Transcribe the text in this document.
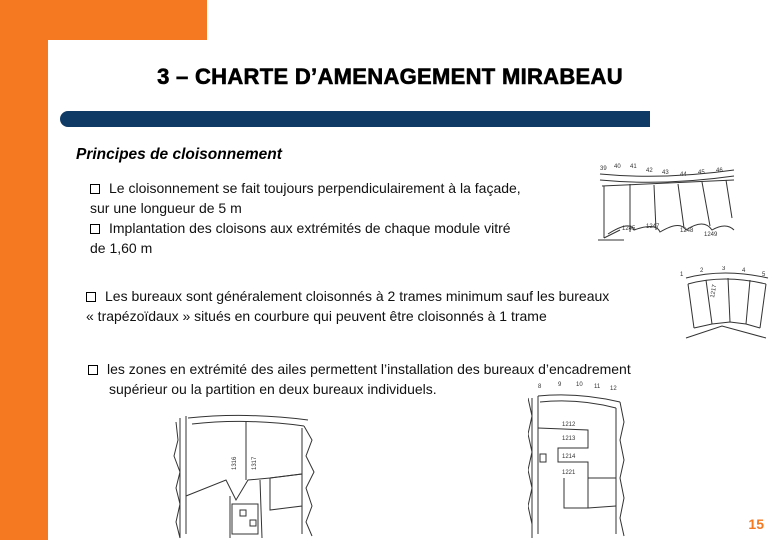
3 – CHARTE D’AMENAGEMENT MIRABEAU
Principes de cloisonnement
Le cloisonnement se fait toujours perpendiculairement à la façade,
sur une longueur de 5 m
Implantation des cloisons aux extrémités de chaque module vitré
de 1,60 m
Les bureaux sont généralement cloisonnés à 2 trames minimum sauf les bureaux
« trapézoïdaux » situés en courbure qui peuvent être cloisonnés à 1 trame
les zones en extrémité des ailes permettent l’installation des bureaux d’encadrement
supérieur ou la partition en deux bureaux individuels.
1245 1247
1248
1249
39 40 41
42 43 44 45 46
1
2	3	4
5
1217
1316 1317
1212
1213
1214
1221
8	9 10 11 12
15
